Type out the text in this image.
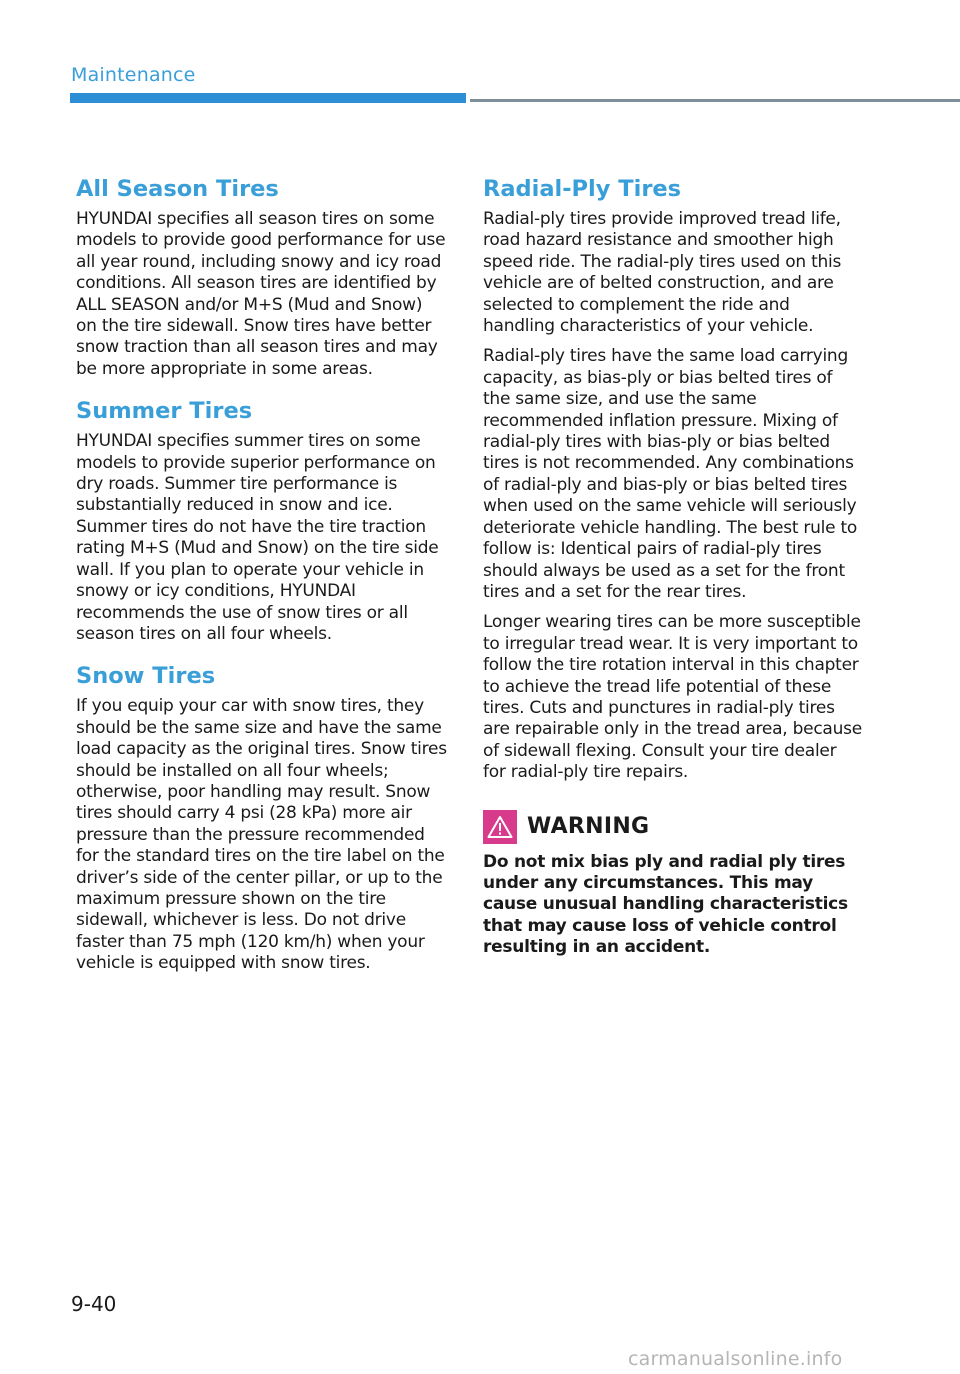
Maintenance
All Season Tires

HYUNDAI specifies all season tires on some models to provide good performance for use all year round, including snowy and icy road conditions. All season tires are identified by ALL SEASON and/or M+S (Mud and Snow) on the tire sidewall. Snow tires have better snow traction than all season tires and may be more appropriate in some areas.

Summer Tires

HYUNDAI specifies summer tires on some models to provide superior performance on dry roads. Summer tire performance is substantially reduced in snow and ice. Summer tires do not have the tire traction rating M+S (Mud and Snow) on the tire side wall. If you plan to operate your vehicle in snowy or icy conditions, HYUNDAI recommends the use of snow tires or all season tires on all four wheels.

Snow Tires

If you equip your car with snow tires, they should be the same size and have the same load capacity as the original tires. Snow tires should be installed on all four wheels; otherwise, poor handling may result. Snow tires should carry 4 psi (28 kPa) more air pressure than the pressure recommended for the standard tires on the tire label on the driver’s side of the center pillar, or up to the maximum pressure shown on the tire sidewall, whichever is less. Do not drive faster than 75 mph (120 km/h) when your vehicle is equipped with snow tires.

Radial-Ply Tires

Radial-ply tires provide improved tread life, road hazard resistance and smoother high speed ride. The radial-ply tires used on this vehicle are of belted construction, and are selected to complement the ride and handling characteristics of your vehicle.

Radial-ply tires have the same load carrying capacity, as bias-ply or bias belted tires of the same size, and use the same recommended inflation pressure. Mixing of radial-ply tires with bias-ply or bias belted tires is not recommended. Any combinations of radial-ply and bias-ply or bias belted tires when used on the same vehicle will seriously deteriorate vehicle handling. The best rule to follow is: Identical pairs of radial-ply tires should always be used as a set for the front tires and a set for the rear tires.

Longer wearing tires can be more susceptible to irregular tread wear. It is very important to follow the tire rotation interval in this chapter to achieve the tread life potential of these tires. Cuts and punctures in radial-ply tires are repairable only in the tread area, because of sidewall flexing. Consult your tire dealer for radial-ply tire repairs.

WARNING

Do not mix bias ply and radial ply tires under any circumstances. This may cause unusual handling characteristics that may cause loss of vehicle control resulting in an accident.

9-40
carmanualsonline.info
